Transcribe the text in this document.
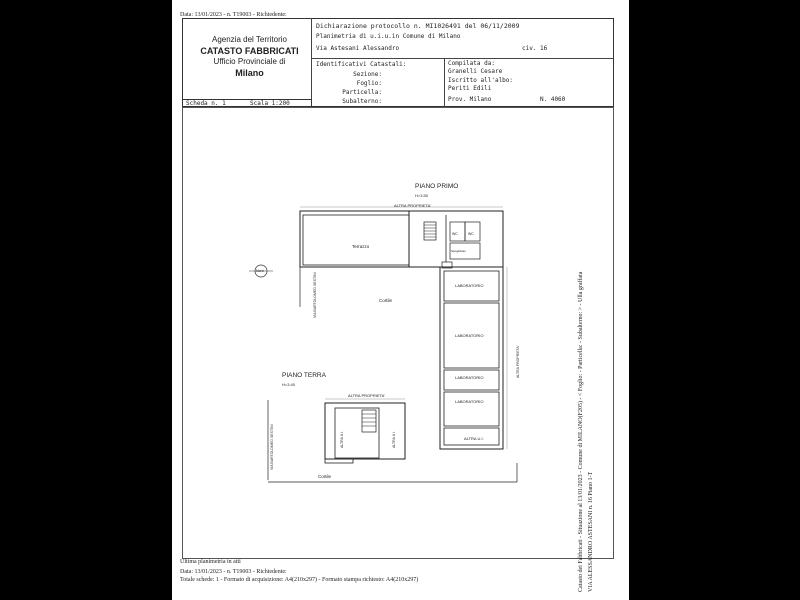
Data: 13/01/2023 - n. T19003 - Richiedente:
Agenzia del Territorio
CATASTO FABBRICATI
Ufficio Provinciale di
Milano
Dichiarazione protocollo n. MI1026491 del 06/11/2009
Planimetria di u.i.u.in Comune di Milano
Via Astesani Alessandro	civ. 16
Identificativi Catastali:
Sezione:
Foglio:
Particella:
Subalterno:
Compilata da:
Granelli Cesare
Iscritto all'albo:
Periti Edili
Prov. Milano	N. 4060
Scheda n. 1	Scala 1:200
PIANO PRIMO
H=3.50
ALTRA PROPRIETA'
Terrazzo
WC	WC
Spogliatoio
Nord
VIA BARTOLOMEO SESTINI	Cortile
LABORATORIO
LABORATORIO
LABORATORIO
LABORATORIO
ALTRA PROPRIETA'
ALTRA U.I.
PIANO TERRA
H=3.40
ALTRA PROPRIETA'
ALTRA U.I.	ALTRA U.I.
VIA BARTOLOMEO SESTINI
Cortile
Ultima planimetria in atti
Data: 13/01/2023 - n. T19003 - Richiedente:
Totale schede: 1 - Formato di acquisizione: A4(210x297) - Formato stampa richiesto: A4(210x297)	Catasto dei Fabbricati - Situazione al 13/01/2023 - Comune di MILANO(F205) - < Foglio: - Particella: - Subalterno: > - Ulla graffata VIA ALESSANDRO ASTESANI n. 16 Piano 1-T
